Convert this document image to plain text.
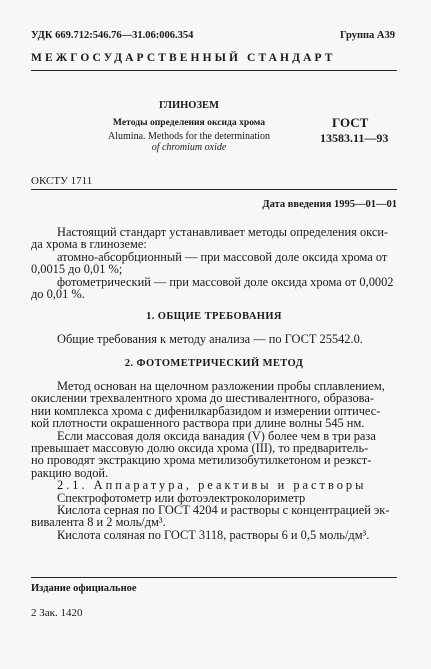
УДК 669.712:546.76—31.06:006.354	Группа А39
МЕЖГОСУДАРСТВЕННЫЙ СТАНДАРТ
ГЛИНОЗЕМ
Методы определения оксида хрома
Alumina. Methods for the determination
of chromium oxide
ГОСТ
13583.11—93
ОКСТУ 1711
Дата введения 1995—01—01

Настоящий стандарт устанавливает методы определения окси-

да хрома в глиноземе:

атомно-абсорбционный — при массовой доле оксида хрома от

0,0015 до 0,01 %;

фотометрический — при массовой доле оксида хрома от 0,0002

до 0,01 %.

1. ОБЩИЕ ТРЕБОВАНИЯ

Общие требования к методу анализа — по ГОСТ 25542.0.

2. ФОТОМЕТРИЧЕСКИЙ МЕТОД

Метод основан на щелочном разложении пробы сплавлением,

окислении трехвалентного хрома до шестивалентного, образова-

нии комплекса хрома с дифенилкарбазидом и измерении оптичес-

кой плотности окрашенного раствора при длине волны 545 нм.

Если массовая доля оксида ванадия (V) более чем в три раза

превышает массовую долю оксида хрома (III), то предваритель-

но проводят экстракцию хрома метилизобутилкетоном и реэкст-

ракцию водой.

2.1. Аппаратура, реактивы и растворы

Спектрофотометр или фотоэлектроколориметр

Кислота серная по ГОСТ 4204 и растворы с концентрацией эк-

вивалента 8 и 2 моль/дм³.

Кислота соляная по ГОСТ 3118, растворы 6 и 0,5 моль/дм³.

Издание официальное
2 Зак. 1420
